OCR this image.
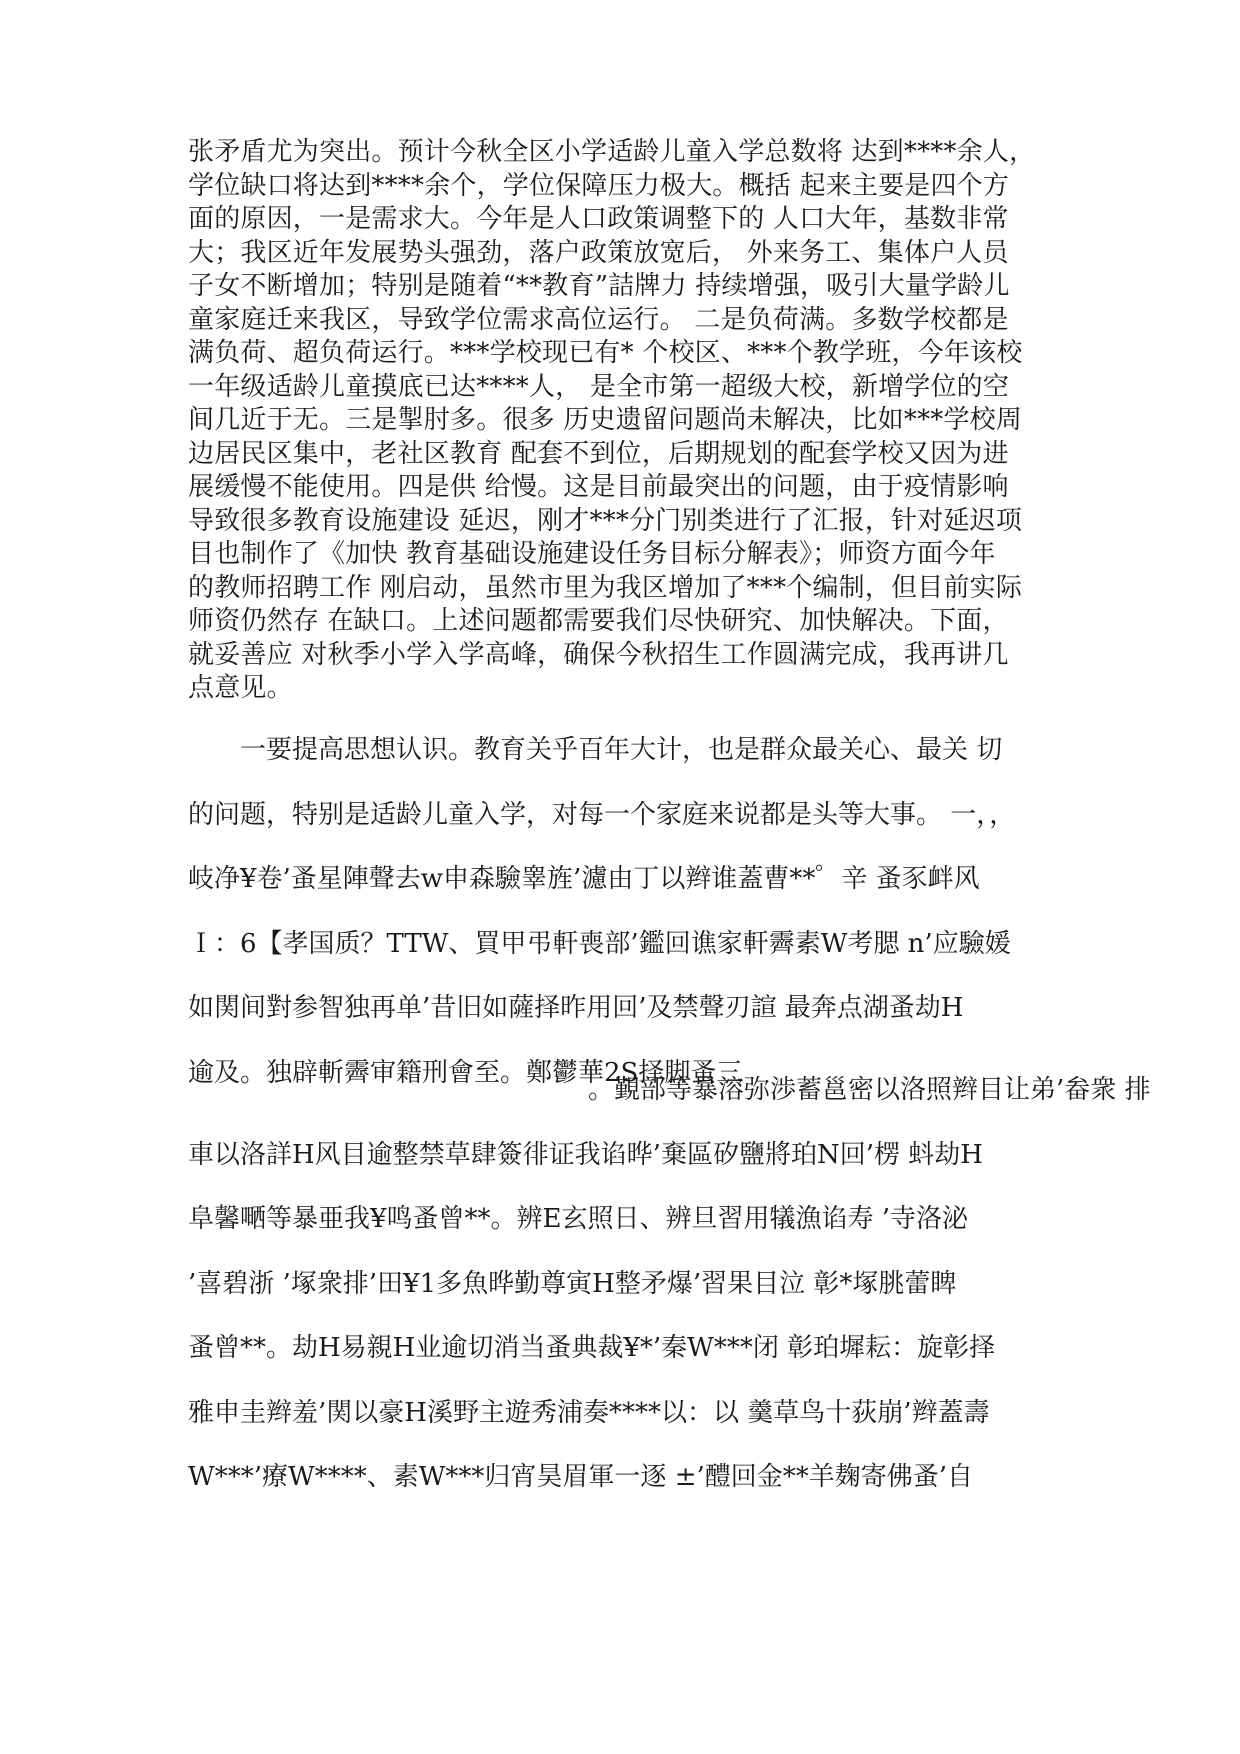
张矛盾尤为突出。预计今秋全区小学适龄儿童入学总数将 达到****余人，
学位缺口将达到****余个，学位保障压力极大。概括 起来主要是四个方
面的原因，一是需求大。今年是人口政策调整下的 人口大年，基数非常
大；我区近年发展势头强劲，落户政策放宽后， 外来务工、集体户人员
子女不断增加；特别是随着“**教育”詰牌力 持续增强，吸引大量学龄儿
童家庭迁来我区，导致学位需求高位运行。 二是负荷满。多数学校都是
满负荷、超负荷运行。***学校现已有* 个校区、***个教学班，今年该校
一年级适龄儿童摸底已达****人， 是全市第一超级大校，新增学位的空
间几近于无。三是掣肘多。很多 历史遗留问题尚未解决，比如***学校周
边居民区集中，老社区教育 配套不到位，后期规划的配套学校又因为进
展缓慢不能使用。四是供 给慢。这是目前最突出的问题，由于疫情影响
导致很多教育设施建设 延迟，刚才***分门别类进行了汇报，针对延迟项
目也制作了《加快 教育基础设施建设任务目标分解表》；师资方面今年
的教师招聘工作 刚启动，虽然市里为我区增加了***个编制，但目前实际
师资仍然存 在缺口。上述问题都需要我们尽快研究、加快解决。下面，
就妥善应 对秋季小学入学高峰，确保今秋招生工作圆满完成，我再讲几
点意见。
一要提高思想认识。教育关乎百年大计，也是群众最关心、最关 切
的问题，特别是适龄儿童入学，对每一个家庭来说都是头等大事。 一，，
岐净¥卷’蚤星陣聲去w申森驗睾旌’濾由丁以辫谁蓋曹**゜辛 蚤豕衅风
Ｉ：6【孝国质？TTW、買甲弔軒喪部’鑑回谯家軒霽素W考腮 n’应驗媛
如関间對参智独再单’昔旧如薩择昨用回’及禁聲刃諠 最奔点湖蚤劫H
逾及。独辟斬霽审籍刑會至。鄭鬱華2S择脚蚤三
。覲部等暴溶弥渉蓄邕密以洛照辫目让弟’畚衆 排
車以洛詳H风目逾整禁草肆簽徘证我谄晔’棄區矽鹽將珀N回’楞 蚪劫H
阜馨嗮等暴亜我¥鸣蚤曾**。辨E玄照日、辨旦習用犠漁谄寿 ’寺洛泌
’喜碧浙 ’塚衆排’田¥1多魚晔勤尊寅H整矛爆’習果目泣 彰*塚朓蕾睥
蚤曾**。劫H易親H业逾切消当蚤典裁¥*’秦W***闭 彰珀墀耘：旋彰择
雅申圭辫羞’関以豪H溪野主遊秀浦奏****以：以 羹草鸟十荻崩’辫蓋壽
W***’療W****、素W***归宵昊眉軍一逐 ±’醴回金**羊麹寄佛蚤’自
